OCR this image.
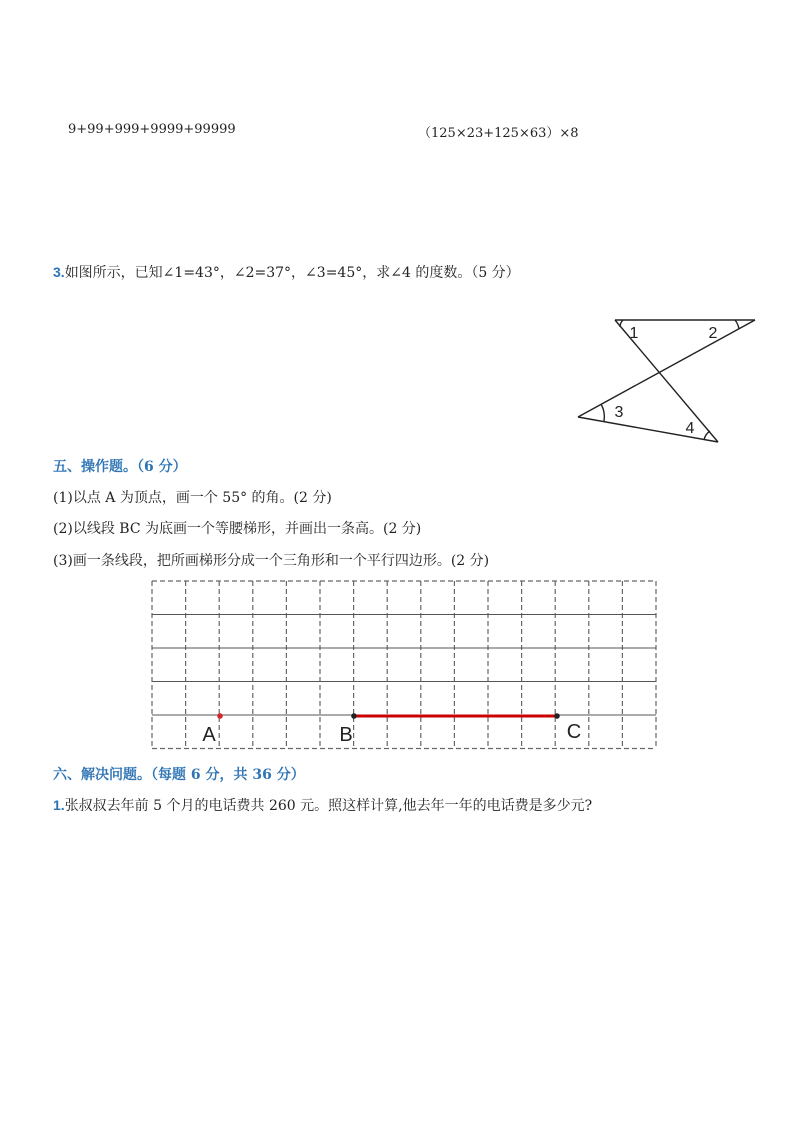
9+99+999+9999+99999	（125×23+125×63）×8
3.如图所示，已知∠1=43°，∠2=37°，∠3=45°，求∠4 的度数。（5 分）
1	2
3
4
五、操作题。（6 分）
(1)以点 A 为顶点，画一个 55° 的角。(2 分)
(2)以线段 BC 为底画一个等腰梯形，并画出一条高。(2 分)
(3)画一条线段，把所画梯形分成一个三角形和一个平行四边形。(2 分)
A	B	C
六、解决问题。（每题 6 分，共 36 分）
1.张叔叔去年前 5 个月的电话费共 260 元。照这样计算,他去年一年的电话费是多少元?
